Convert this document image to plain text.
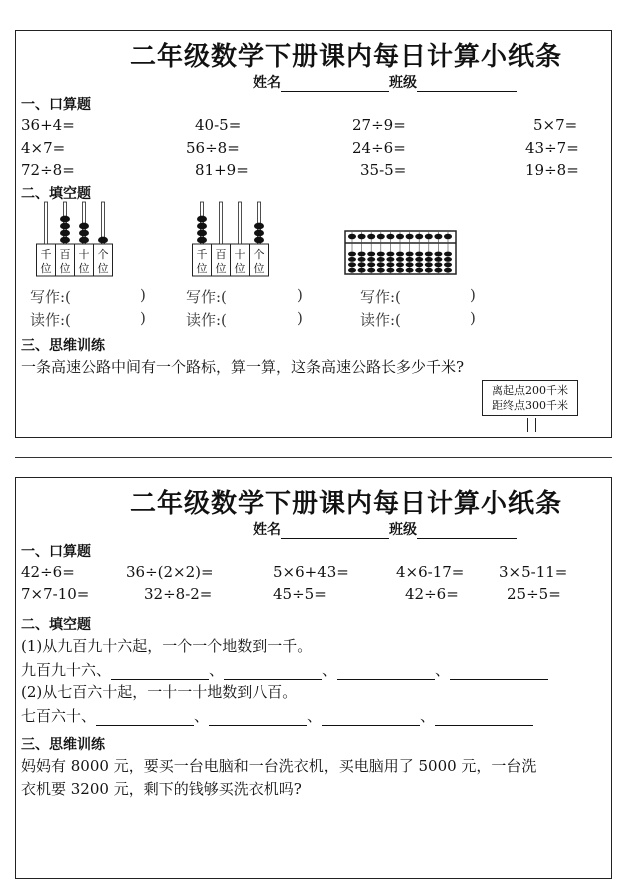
二年级数学下册课内每日计算小纸条
姓名	班级
一、口算题
36+4=	40-5=	27÷9=	5×7=
4×7=	56÷8=	24÷6=	43÷7=
72÷8=	81+9=	35-5=	19÷8=
二、填空题
千
位
百
位
十
位
个
位
千
位
百
位
十
位
个
位
写作:(	)	写作:(	)	写作:(	)
读作:(	)	读作:(	)	读作:(	)
三、思维训练
一条高速公路中间有一个路标，算一算，这条高速公路长多少千米?
离起点200千米
距终点300千米
二年级数学下册课内每日计算小纸条
姓名	班级
一、口算题
42÷6=	36÷(2×2)=	5×6+43=	4×6-17= 3×5-11=
7×7-10=	32÷8-2=	45÷5=	42÷6=	25÷5=
二、填空题
(1)从九百九十六起，一个一个地数到一千。
九百九十六、	、	、	、
(2)从七百六十起，一十一十地数到八百。
七百六十、	、	、	、
三、思维训练
妈妈有 8000 元，要买一台电脑和一台洗衣机，买电脑用了 5000 元，一台洗
衣机要 3200 元，剩下的钱够买洗衣机吗?
